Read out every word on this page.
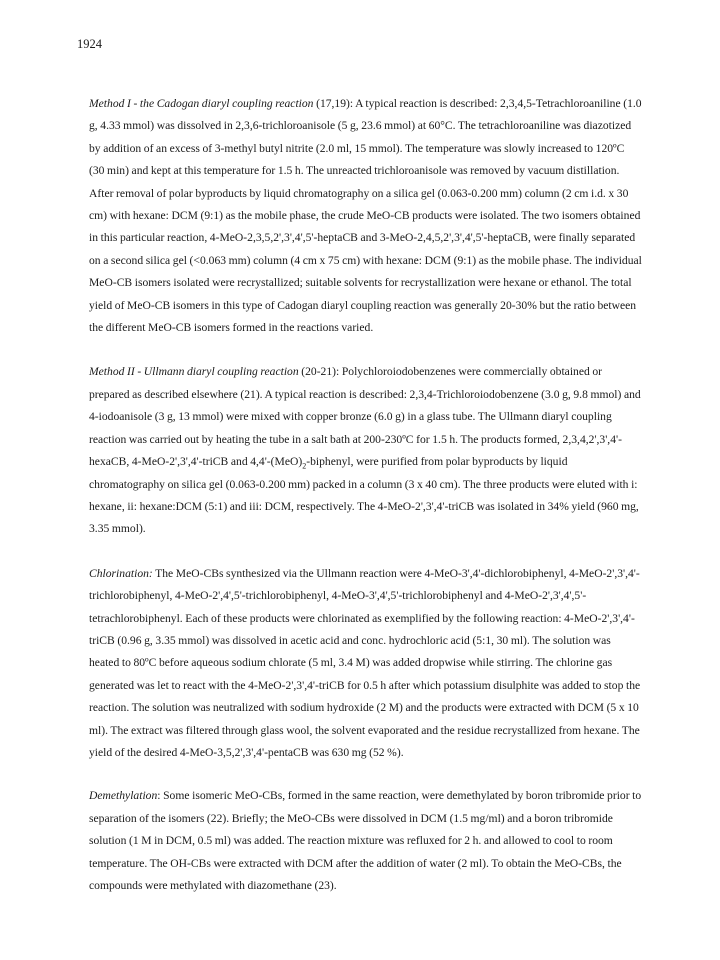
1924

Method I - the Cadogan diaryl coupling reaction (17,19): A typical reaction is described: 2,3,4,5-Tetrachloroaniline (1.0 g, 4.33 mmol) was dissolved in 2,3,6-trichloroanisole (5 g, 23.6 mmol) at 60°C. The tetrachloroaniline was diazotized by addition of an excess of 3-methyl butyl nitrite (2.0 ml, 15 mmol). The temperature was slowly increased to 120ºC (30 min) and kept at this temperature for 1.5 h. The unreacted trichloroanisole was removed by vacuum distillation. After removal of polar byproducts by liquid chromatography on a silica gel (0.063-0.200 mm) column (2 cm i.d. x 30 cm) with hexane: DCM (9:1) as the mobile phase, the crude MeO-CB products were isolated. The two isomers obtained in this particular reaction, 4-MeO-2,3,5,2',3',4',5'-heptaCB and 3-MeO-2,4,5,2',3',4',5'-heptaCB, were finally separated on a second silica gel (<0.063 mm) column (4 cm x 75 cm) with hexane: DCM (9:1) as the mobile phase. The individual MeO-CB isomers isolated were recrystallized; suitable solvents for recrystallization were hexane or ethanol. The total yield of MeO-CB isomers in this type of Cadogan diaryl coupling reaction was generally 20-30% but the ratio between the different MeO-CB isomers formed in the reactions varied.

Method II - Ullmann diaryl coupling reaction (20-21): Polychloroiodobenzenes were commercially obtained or prepared as described elsewhere (21). A typical reaction is described: 2,3,4-Trichloroiodobenzene (3.0 g, 9.8 mmol) and 4-iodoanisole (3 g, 13 mmol) were mixed with copper bronze (6.0 g) in a glass tube. The Ullmann diaryl coupling reaction was carried out by heating the tube in a salt bath at 200-230ºC for 1.5 h. The products formed, 2,3,4,2',3',4'-hexaCB, 4-MeO-2',3',4'-triCB and $4,4'-(MeO)_2$-biphenyl, were purified from polar byproducts by liquid chromatography on silica gel (0.063-0.200 mm) packed in a column (3 x 40 cm). The three products were eluted with i: hexane, ii: hexane:DCM (5:1) and iii: DCM, respectively. The 4-MeO-2',3',4'-triCB was isolated in 34% yield (960 mg, 3.35 mmol).

Chlorination: The MeO-CBs synthesized via the Ullmann reaction were 4-MeO-3',4'-dichlorobiphenyl, 4-MeO-2',3',4'-trichlorobiphenyl, 4-MeO-2',4',5'-trichlorobiphenyl, 4-MeO-3',4',5'-trichlorobiphenyl and 4-MeO-2',3',4',5'-tetrachlorobiphenyl. Each of these products were chlorinated as exemplified by the following reaction: 4-MeO-2',3',4'-triCB (0.96 g, 3.35 mmol) was dissolved in acetic acid and conc. hydrochloric acid (5:1, 30 ml). The solution was heated to 80ºC before aqueous sodium chlorate (5 ml, 3.4 M) was added dropwise while stirring. The chlorine gas generated was let to react with the 4-MeO-2',3',4'-triCB for 0.5 h after which potassium disulphite was added to stop the reaction. The solution was neutralized with sodium hydroxide (2 M) and the products were extracted with DCM (5 x 10 ml). The extract was filtered through glass wool, the solvent evaporated and the residue recrystallized from hexane. The yield of the desired 4-MeO-3,5,2',3',4'-pentaCB was 630 mg (52 %).

Demethylation: Some isomeric MeO-CBs, formed in the same reaction, were demethylated by boron tribromide prior to separation of the isomers (22). Briefly; the MeO-CBs were dissolved in DCM (1.5 mg/ml) and a boron tribromide solution (1 M in DCM, 0.5 ml) was added. The reaction mixture was refluxed for 2 h. and allowed to cool to room temperature. The OH-CBs were extracted with DCM after the addition of water (2 ml). To obtain the MeO-CBs, the compounds were methylated with diazomethane (23).
